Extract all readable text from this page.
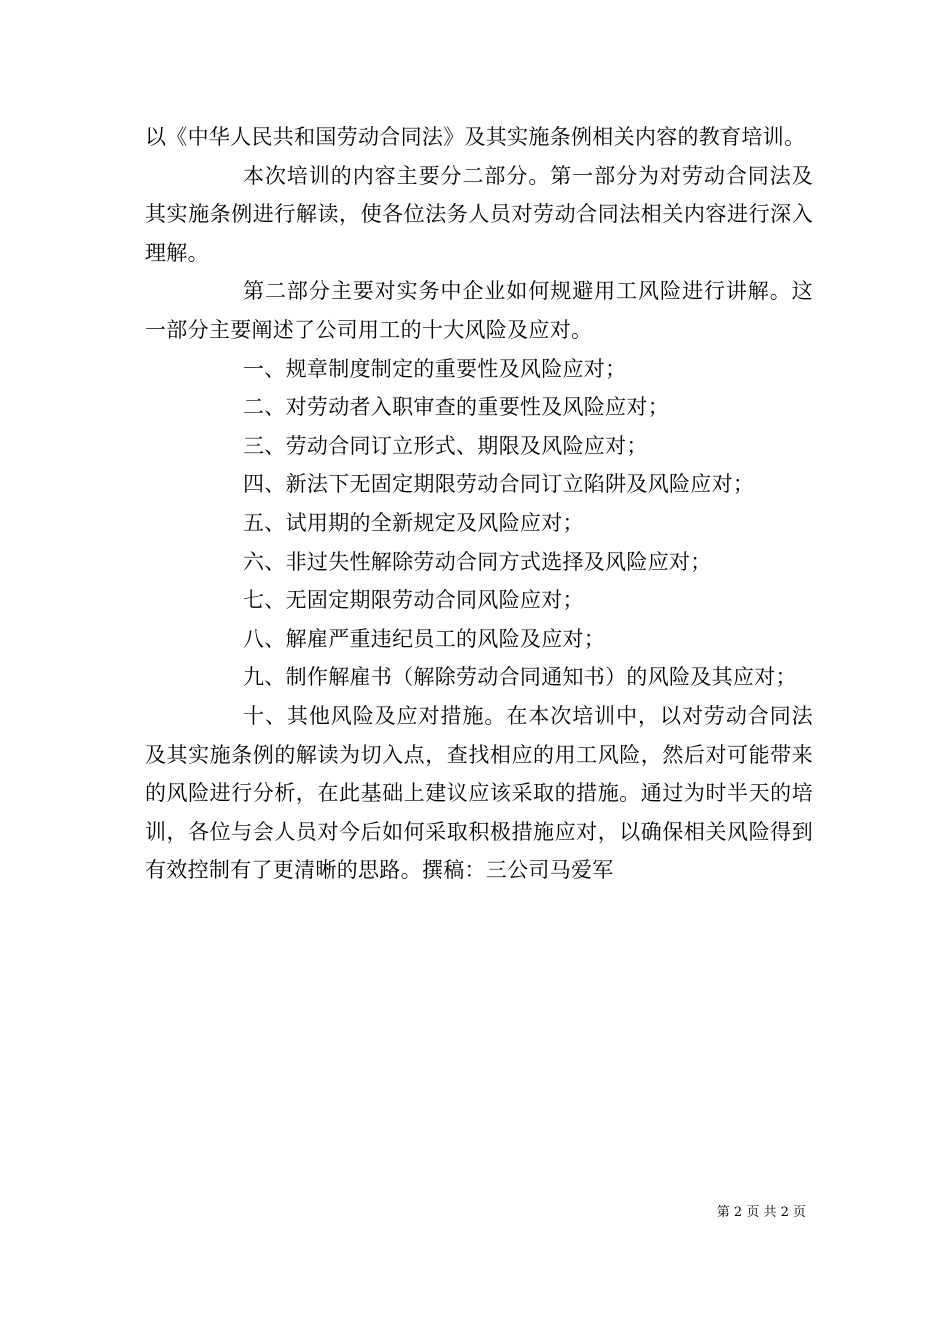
以《中华人民共和国劳动合同法》及其实施条例相关内容的教育培训。

本次培训的内容主要分二部分。第一部分为对劳动合同法及其实施条例进行解读，使各位法务人员对劳动合同法相关内容进行深入理解。

第二部分主要对实务中企业如何规避用工风险进行讲解。这一部分主要阐述了公司用工的十大风险及应对。

一、规章制度制定的重要性及风险应对；

二、对劳动者入职审查的重要性及风险应对；

三、劳动合同订立形式、期限及风险应对；

四、新法下无固定期限劳动合同订立陷阱及风险应对；

五、试用期的全新规定及风险应对；

六、非过失性解除劳动合同方式选择及风险应对；

七、无固定期限劳动合同风险应对；

八、解雇严重违纪员工的风险及应对；

九、制作解雇书（解除劳动合同通知书）的风险及其应对；

十、其他风险及应对措施。在本次培训中，以对劳动合同法及其实施条例的解读为切入点，查找相应的用工风险，然后对可能带来的风险进行分析，在此基础上建议应该采取的措施。通过为时半天的培训，各位与会人员对今后如何采取积极措施应对，以确保相关风险得到有效控制有了更清晰的思路。撰稿：三公司马爱军

第 2 页 共 2 页
